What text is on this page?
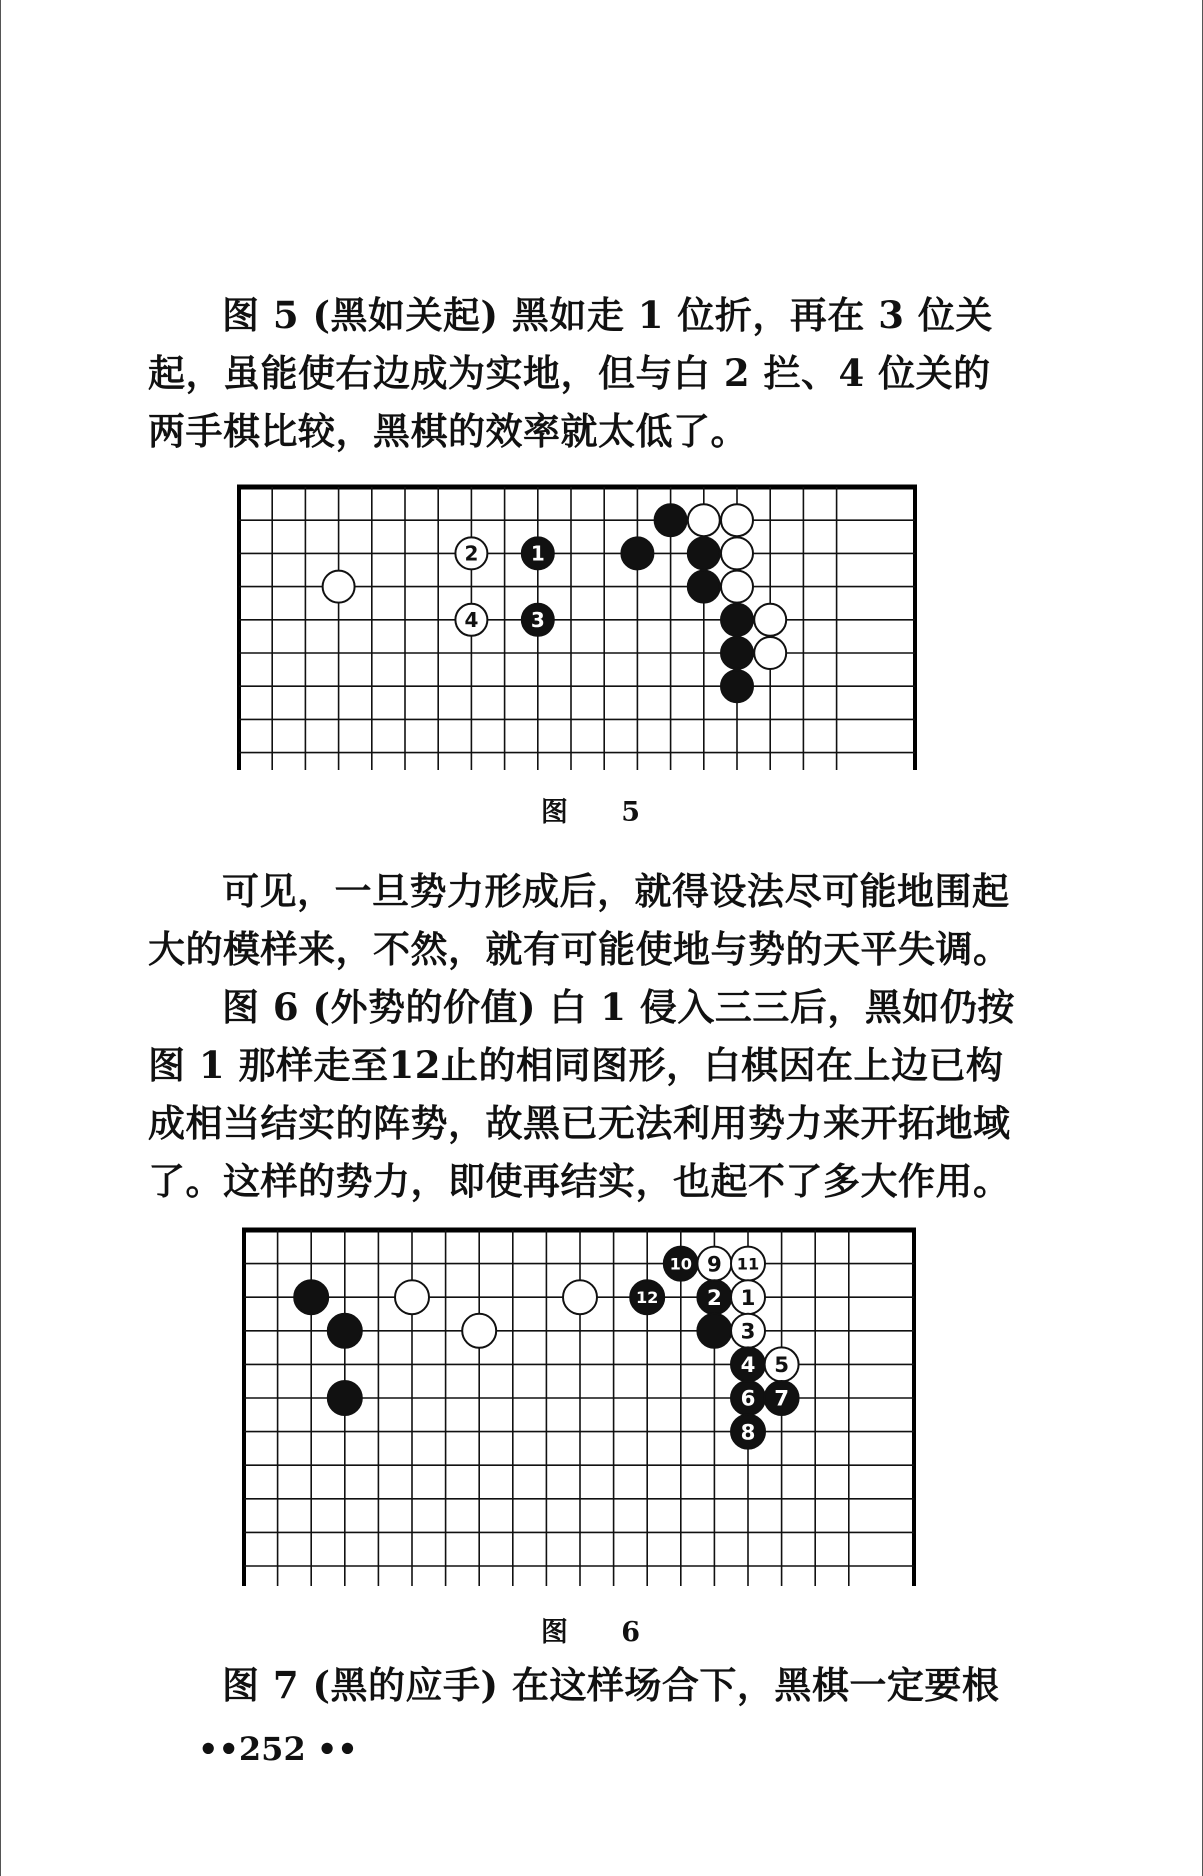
图 5 (黑如关起) 黑如走 1 位折，再在 3 位关起，虽能使右边成为实地，但与白 2 拦、4 位关的两手棋比较，黑棋的效率就太低了。

2	1
4	3
图 5

可见，一旦势力形成后，就得设法尽可能地围起大的模样来，不然，就有可能使地与势的天平失调。

图 6 (外势的价值) 白 1 侵入三三后，黑如仍按图 1 那样走至12止的相同图形，白棋因在上边已构成相当结实的阵势，故黑已无法利用势力来开拓地域了。这样的势力，即使再结实，也起不了多大作用。

10 9 11
12 2 1
3
4 5
6 7
8
图 6

图 7 (黑的应手) 在这样场合下，黑棋一定要根

••252 ••
